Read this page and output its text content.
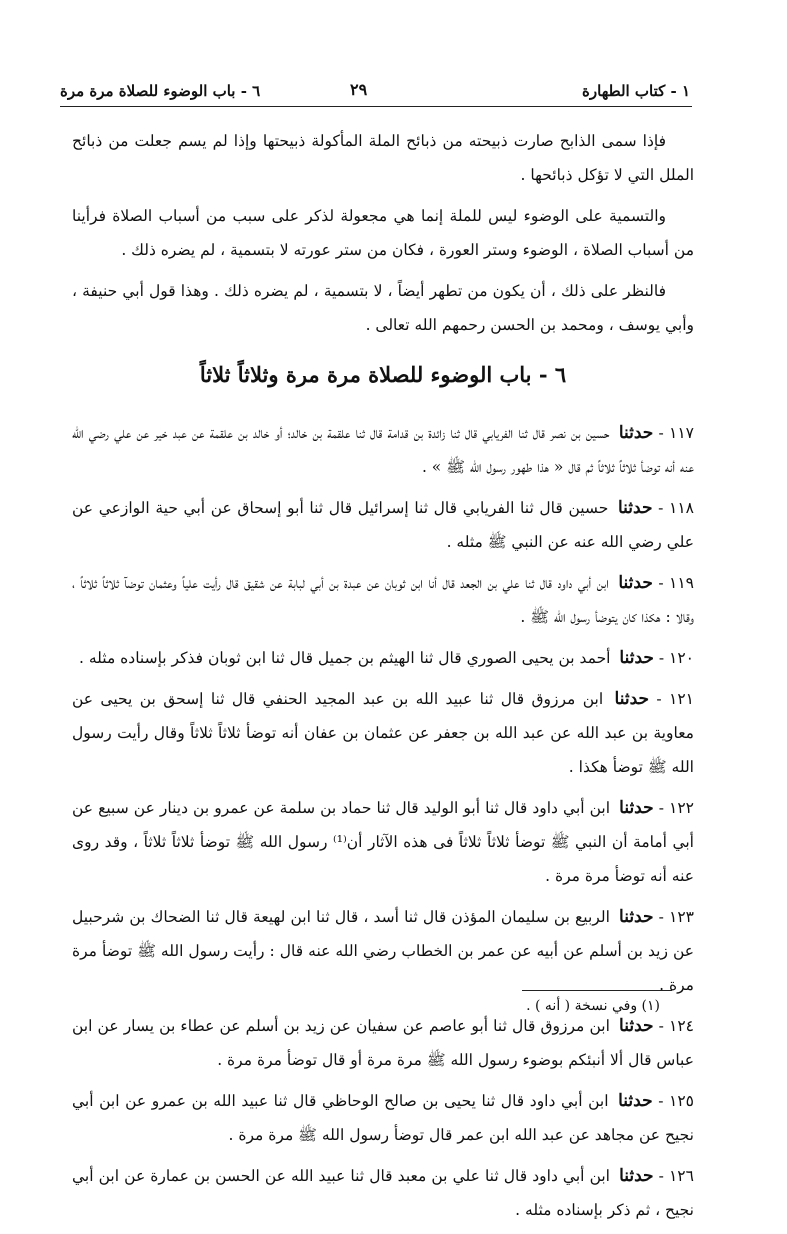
١ - كتاب الطهارة
٢٩
٦ - باب الوضوء للصلاة مرة مرة

فإذا سمى الذابح صارت ذبيحته من ذبائح الملة المأكولة ذبيحتها وإذا لم يسم جعلت من ذبائح الملل التي لا تؤكل ذبائحها .

والتسمية على الوضوء ليس للملة إنما هي مجعولة لذكر على سبب من أسباب الصلاة فرأينا من أسباب الصلاة ، الوضوء وستر العورة ، فكان من ستر عورته لا بتسمية ، لم يضره ذلك .

فالنظر على ذلك ، أن يكون من تطهر أيضاً ، لا بتسمية ، لم يضره ذلك . وهذا قول أبي حنيفة ، وأبي يوسف ، ومحمد بن الحسن رحمهم الله تعالى .

٦ - باب الوضوء للصلاة مرة مرة وثلاثاً ثلاثاً

١١٧ - حدثنا حسين بن نصر قال ثنا الفريابي قال ثنا زائدة بن قدامة قال ثنا علقمة بن خالد؛ أو خالد بن علقمة عن عبد خير عن علي رضي الله عنه أنه توضأ ثلاثاً ثلاثاً ثم قال « هذا طهور رسول الله ﷺ » .

١١٨ - حدثنا حسين قال ثنا الفريابي قال ثنا إسرائيل قال ثنا أبو إسحاق عن أبي حية الوازعي عن علي رضي الله عنه عن النبي ﷺ مثله .

١١٩ - حدثنا ابن أبي داود قال ثنا علي بن الجعد قال أنا ابن ثوبان عن عبدة بن أبي لبابة عن شقيق قال رأيت علياً وعثمان توضآ ثلاثاً ثلاثاً ، وقالا : هكذا كان يتوضأ رسول الله ﷺ .

١٢٠ - حدثنا أحمد بن يحيى الصوري قال ثنا الهيثم بن جميل قال ثنا ابن ثوبان فذكر بإسناده مثله .

١٢١ - حدثنا ابن مرزوق قال ثنا عبيد الله بن عبد المجيد الحنفي قال ثنا إسحق بن يحيى عن معاوية بن عبد الله عن عبد الله بن جعفر عن عثمان بن عفان أنه توضأ ثلاثاً ثلاثاً وقال رأيت رسول الله ﷺ توضأ هكذا .

١٢٢ - حدثنا ابن أبي داود قال ثنا أبو الوليد قال ثنا حماد بن سلمة عن عمرو بن دينار عن سبيع عن أبي أمامة أن النبي ﷺ توضأ ثلاثاً ثلاثاً فى هذه الآثار أن⁽¹⁾ رسول الله ﷺ توضأ ثلاثاً ثلاثاً ، وقد روى عنه أنه توضأ مرة مرة .

١٢٣ - حدثنا الربيع بن سليمان المؤذن قال ثنا أسد ، قال ثنا ابن لهيعة قال ثنا الضحاك بن شرحبيل عن زيد بن أسلم عن أبيه عن عمر بن الخطاب رضي الله عنه قال : رأيت رسول الله ﷺ توضأ مرة مرة .

١٢٤ - حدثنا ابن مرزوق قال ثنا أبو عاصم عن سفيان عن زيد بن أسلم عن عطاء بن يسار عن ابن عباس قال ألا أنبئكم بوضوء رسول الله ﷺ مرة مرة أو قال توضأ مرة مرة .

١٢٥ - حدثنا ابن أبي داود قال ثنا يحيى بن صالح الوحاظي قال ثنا عبيد الله بن عمرو عن ابن أبي نجيح عن مجاهد عن عبد الله ابن عمر قال توضأ رسول الله ﷺ مرة مرة .

١٢٦ - حدثنا ابن أبي داود قال ثنا علي بن معبد قال ثنا عبيد الله عن الحسن بن عمارة عن ابن أبي نجيح ، ثم ذكر بإسناده مثله .

(١) وفي نسخة ( أنه ) .
